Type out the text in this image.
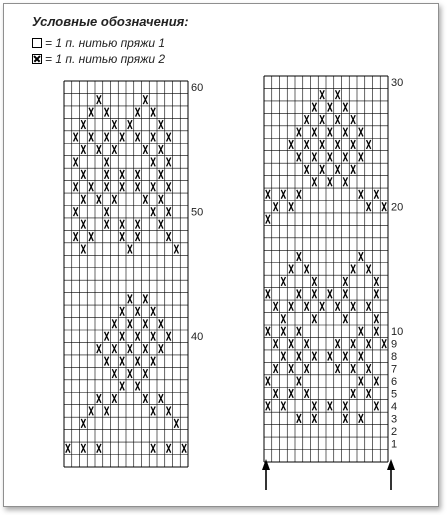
Условные обозначения:
= 1 п. нитью пряжи 1
= 1 п. нитью пряжи 2
60
50
40
30
20
10
9
8
7
6
5
4
3
2
1
